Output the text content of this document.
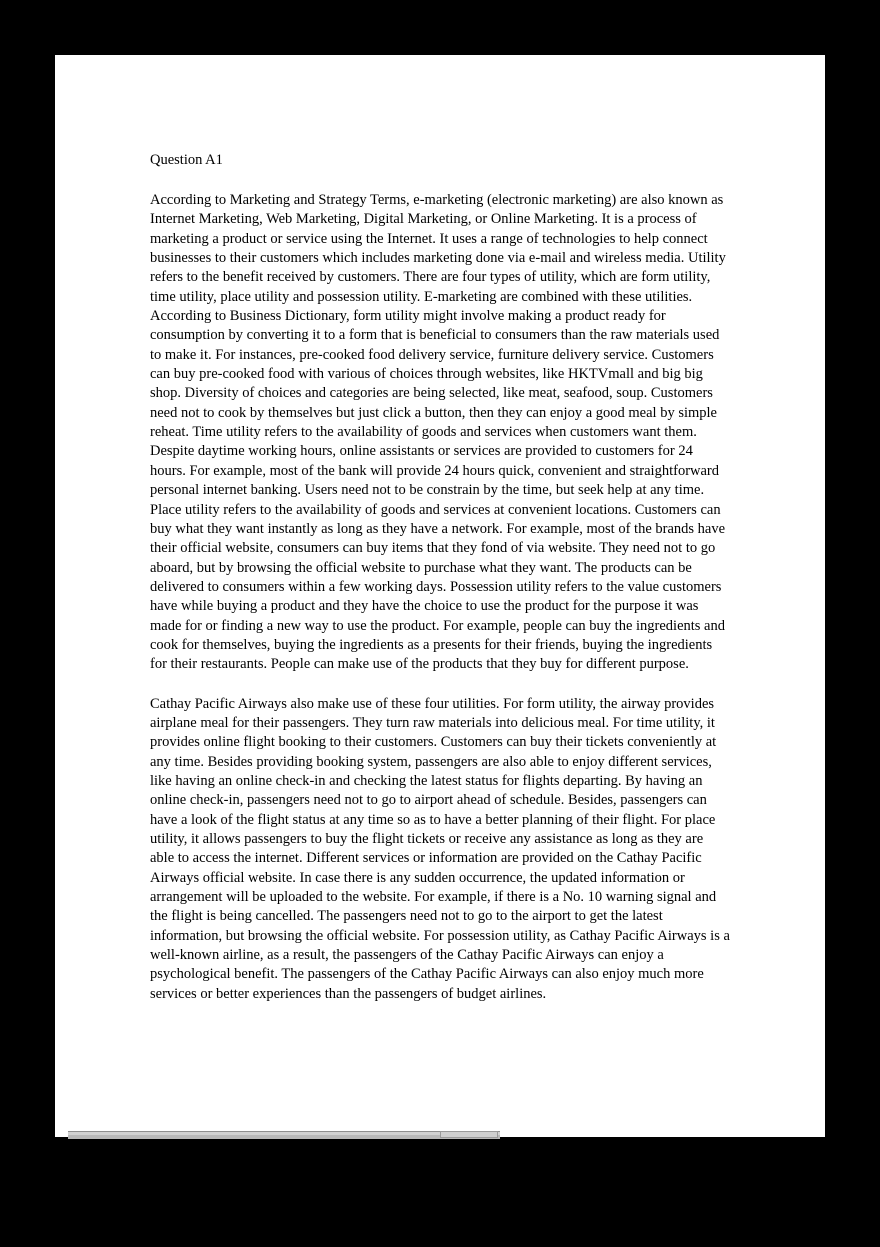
Question A1

According to Marketing and Strategy Terms, e-marketing (electronic marketing) are also known as Internet Marketing, Web Marketing, Digital Marketing, or Online Marketing. It is a process of marketing a product or service using the Internet. It uses a range of technologies to help connect businesses to their customers which includes marketing done via e-mail and wireless media. Utility refers to the benefit received by customers. There are four types of utility, which are form utility, time utility, place utility and possession utility. E-marketing are combined with these utilities. According to Business Dictionary, form utility might involve making a product ready for consumption by converting it to a form that is beneficial to consumers than the raw materials used to make it. For instances, pre-cooked food delivery service, furniture delivery service. Customers can buy pre-cooked food with various of choices through websites, like HKTVmall and big big shop. Diversity of choices and categories are being selected, like meat, seafood, soup. Customers need not to cook by themselves but just click a button, then they can enjoy a good meal by simple reheat. Time utility refers to the availability of goods and services when customers want them. Despite daytime working hours, online assistants or services are provided to customers for 24 hours. For example, most of the bank will provide 24 hours quick, convenient and straightforward personal internet banking. Users need not to be constrain by the time, but seek help at any time. Place utility refers to the availability of goods and services at convenient locations. Customers can buy what they want instantly as long as they have a network. For example, most of the brands have their official website, consumers can buy items that they fond of via website. They need not to go aboard, but by browsing the official website to purchase what they want. The products can be delivered to consumers within a few working days. Possession utility refers to the value customers have while buying a product and they have the choice to use the product for the purpose it was made for or finding a new way to use the product. For example, people can buy the ingredients and cook for themselves, buying the ingredients as a presents for their friends, buying the ingredients for their restaurants. People can make use of the products that they buy for different purpose.

Cathay Pacific Airways also make use of these four utilities. For form utility, the airway provides airplane meal for their passengers. They turn raw materials into delicious meal. For time utility, it provides online flight booking to their customers. Customers can buy their tickets conveniently at any time. Besides providing booking system, passengers are also able to enjoy different services, like having an online check-in and checking the latest status for flights departing. By having an online check-in, passengers need not to go to airport ahead of schedule. Besides, passengers can have a look of the flight status at any time so as to have a better planning of their flight. For place utility, it allows passengers to buy the flight tickets or receive any assistance as long as they are able to access the internet. Different services or information are provided on the Cathay Pacific Airways official website. In case there is any sudden occurrence, the updated information or arrangement will be uploaded to the website. For example, if there is a No. 10 warning signal and the flight is being cancelled. The passengers need not to go to the airport to get the latest information, but browsing the official website. For possession utility, as Cathay Pacific Airways is a well-known airline, as a result, the passengers of the Cathay Pacific Airways can enjoy a psychological benefit. The passengers of the Cathay Pacific Airways can also enjoy much more services or better experiences than the passengers of budget airlines.
